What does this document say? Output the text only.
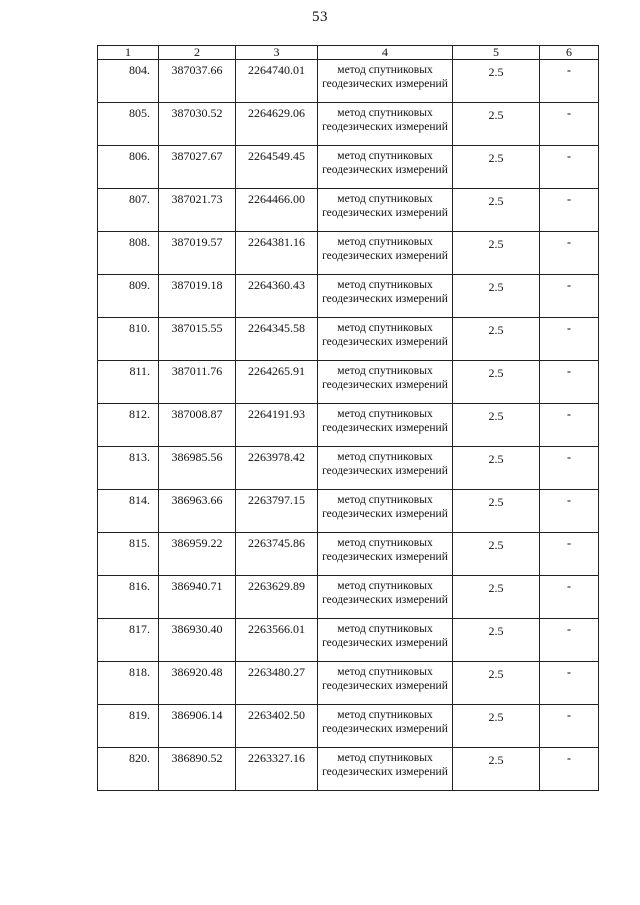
53
1	2	3	4	5	6
804.	387037.66	2264740.01	метод спутниковых геодезических измерений	2.5	-
805.	387030.52	2264629.06	метод спутниковых геодезических измерений	2.5	-
806.	387027.67	2264549.45	метод спутниковых геодезических измерений	2.5	-
807.	387021.73	2264466.00	метод спутниковых геодезических измерений	2.5	-
808.	387019.57	2264381.16	метод спутниковых геодезических измерений	2.5	-
809.	387019.18	2264360.43	метод спутниковых геодезических измерений	2.5	-
810.	387015.55	2264345.58	метод спутниковых геодезических измерений	2.5	-
811.	387011.76	2264265.91	метод спутниковых геодезических измерений	2.5	-
812.	387008.87	2264191.93	метод спутниковых геодезических измерений	2.5	-
813.	386985.56	2263978.42	метод спутниковых геодезических измерений	2.5	-
814.	386963.66	2263797.15	метод спутниковых геодезических измерений	2.5	-
815.	386959.22	2263745.86	метод спутниковых геодезических измерений	2.5	-
816.	386940.71	2263629.89	метод спутниковых геодезических измерений	2.5	-
817.	386930.40	2263566.01	метод спутниковых геодезических измерений	2.5	-
818.	386920.48	2263480.27	метод спутниковых геодезических измерений	2.5	-
819.	386906.14	2263402.50	метод спутниковых геодезических измерений	2.5	-
820.	386890.52	2263327.16	метод спутниковых геодезических измерений	2.5	-
